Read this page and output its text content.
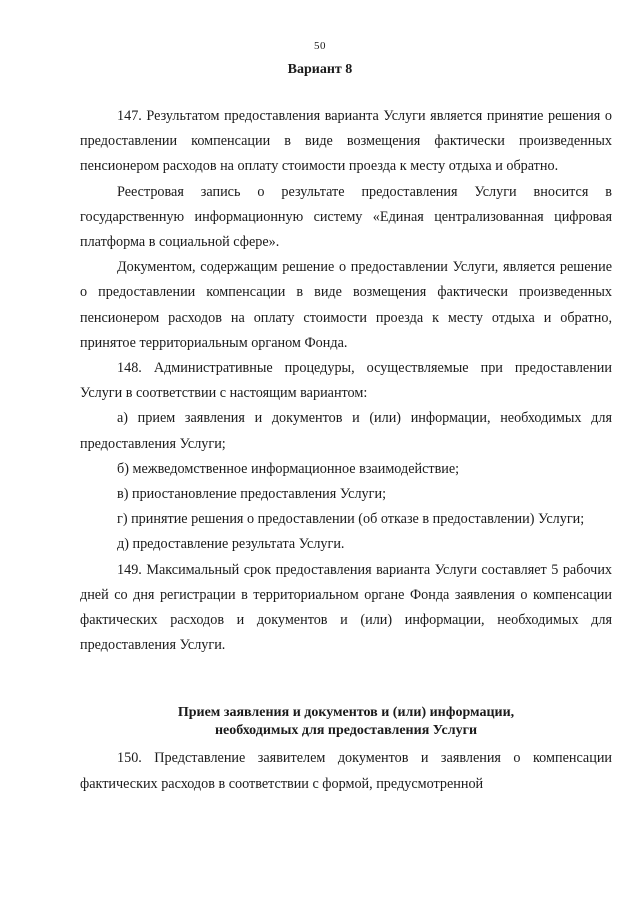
50
Вариант 8

147. Результатом предоставления варианта Услуги является принятие решения о предоставлении компенсации в виде возмещения фактически произведенных пенсионером расходов на оплату стоимости проезда к месту отдыха и обратно.

Реестровая запись о результате предоставления Услуги вносится в государственную информационную систему «Единая централизованная цифровая платформа в социальной сфере».

Документом, содержащим решение о предоставлении Услуги, является решение о предоставлении компенсации в виде возмещения фактически произведенных пенсионером расходов на оплату стоимости проезда к месту отдыха и обратно, принятое территориальным органом Фонда.

148. Административные процедуры, осуществляемые при предоставлении Услуги в соответствии с настоящим вариантом:

а) прием заявления и документов и (или) информации, необходимых для предоставления Услуги;

б) межведомственное информационное взаимодействие;

в) приостановление предоставления Услуги;

г) принятие решения о предоставлении (об отказе в предоставлении) Услуги;

д) предоставление результата Услуги.

149. Максимальный срок предоставления варианта Услуги составляет 5 рабочих дней со дня регистрации в территориальном органе Фонда заявления о компенсации фактических расходов и документов и (или) информации, необходимых для предоставления Услуги.

Прием заявления и документов и (или) информации,
необходимых для предоставления Услуги

150. Представление заявителем документов и заявления о компенсации фактических расходов в соответствии с формой, предусмотренной
